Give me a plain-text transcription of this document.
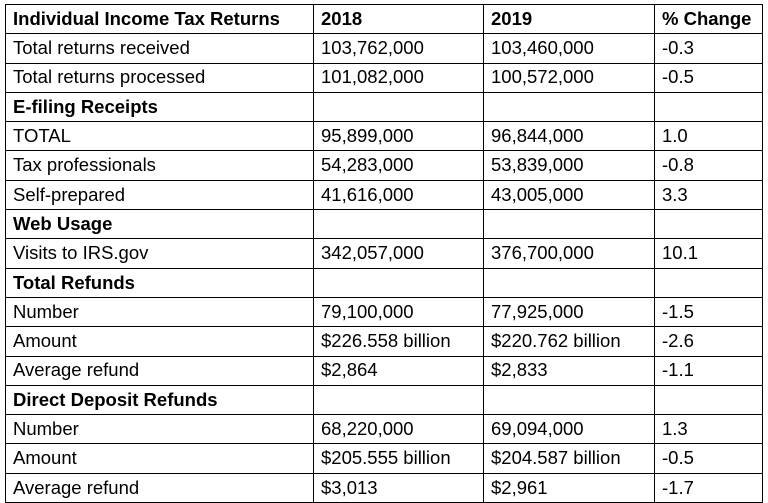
Individual Income Tax Returns	2018	2019	% Change
Total returns received	103,762,000	103,460,000	-0.3
Total returns processed	101,082,000	100,572,000	-0.5
E-filing Receipts			
TOTAL	95,899,000	96,844,000	1.0
Tax professionals	54,283,000	53,839,000	-0.8
Self-prepared	41,616,000	43,005,000	3.3
Web Usage			
Visits to IRS.gov	342,057,000	376,700,000	10.1
Total Refunds			
Number	79,100,000	77,925,000	-1.5
Amount	$226.558 billion	$220.762 billion	-2.6
Average refund	$2,864	$2,833	-1.1
Direct Deposit Refunds			
Number	68,220,000	69,094,000	1.3
Amount	$205.555 billion	$204.587 billion	-0.5
Average refund	$3,013	$2,961	-1.7
